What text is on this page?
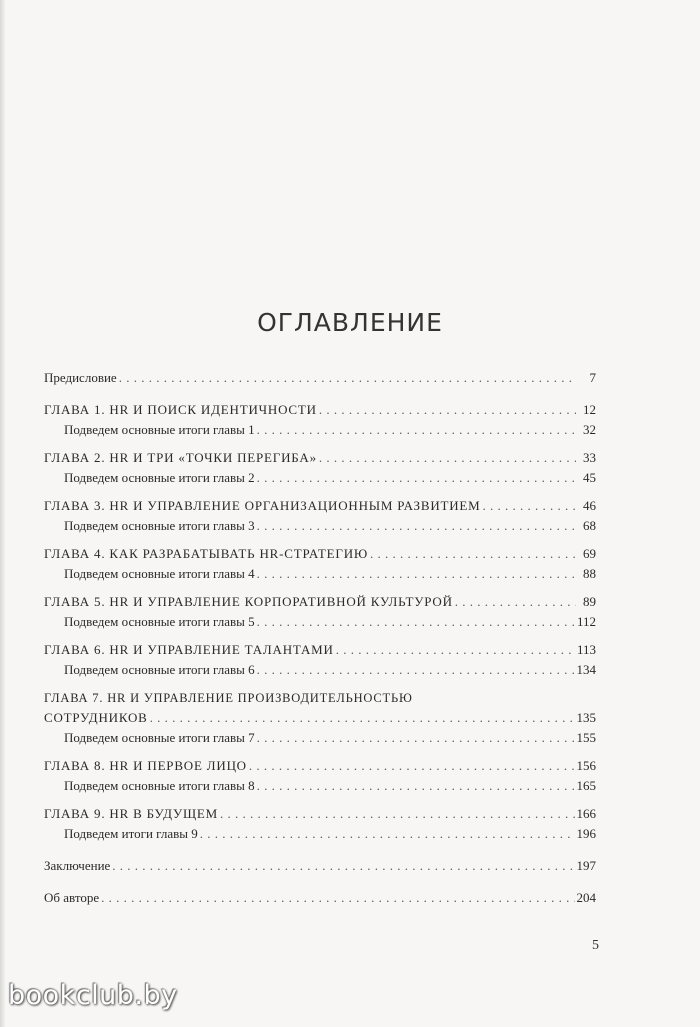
ОГЛАВЛЕНИЕ
Предисловие . . .	7
ГЛАВА 1. HR И ПОИСК ИДЕНТИЧНОСТИ . . .	12
Подведем основные итоги главы 1 . . .	32
ГЛАВА 2. HR И ТРИ «ТОЧКИ ПЕРЕГИБА» . . .	33
Подведем основные итоги главы 2 . . .	45
ГЛАВА 3. HR И УПРАВЛЕНИЕ ОРГАНИЗАЦИОННЫМ РАЗВИТИЕМ . . .	46
Подведем основные итоги главы 3 . . .	68
ГЛАВА 4. КАК РАЗРАБАТЫВАТЬ HR-СТРАТЕГИЮ . . .	69
Подведем основные итоги главы 4 . . .	88
ГЛАВА 5. HR И УПРАВЛЕНИЕ КОРПОРАТИВНОЙ КУЛЬТУРОЙ . . .	89
Подведем основные итоги главы 5 . . .	112
ГЛАВА 6. HR И УПРАВЛЕНИЕ ТАЛАНТАМИ . . .	113
Подведем основные итоги главы 6 . . .	134
ГЛАВА 7. HR И УПРАВЛЕНИЕ ПРОИЗВОДИТЕЛЬНОСТЬЮ
СОТРУДНИКОВ . . .	135
Подведем основные итоги главы 7 . . .	155
ГЛАВА 8. HR И ПЕРВОЕ ЛИЦО . . .	156
Подведем основные итоги главы 8 . . .	165
ГЛАВА 9. HR В БУДУЩЕМ . . .	166
Подведем итоги главы 9 . . .	196
Заключение . . .	197
Об авторе . . .	204
5
bookclub.by
